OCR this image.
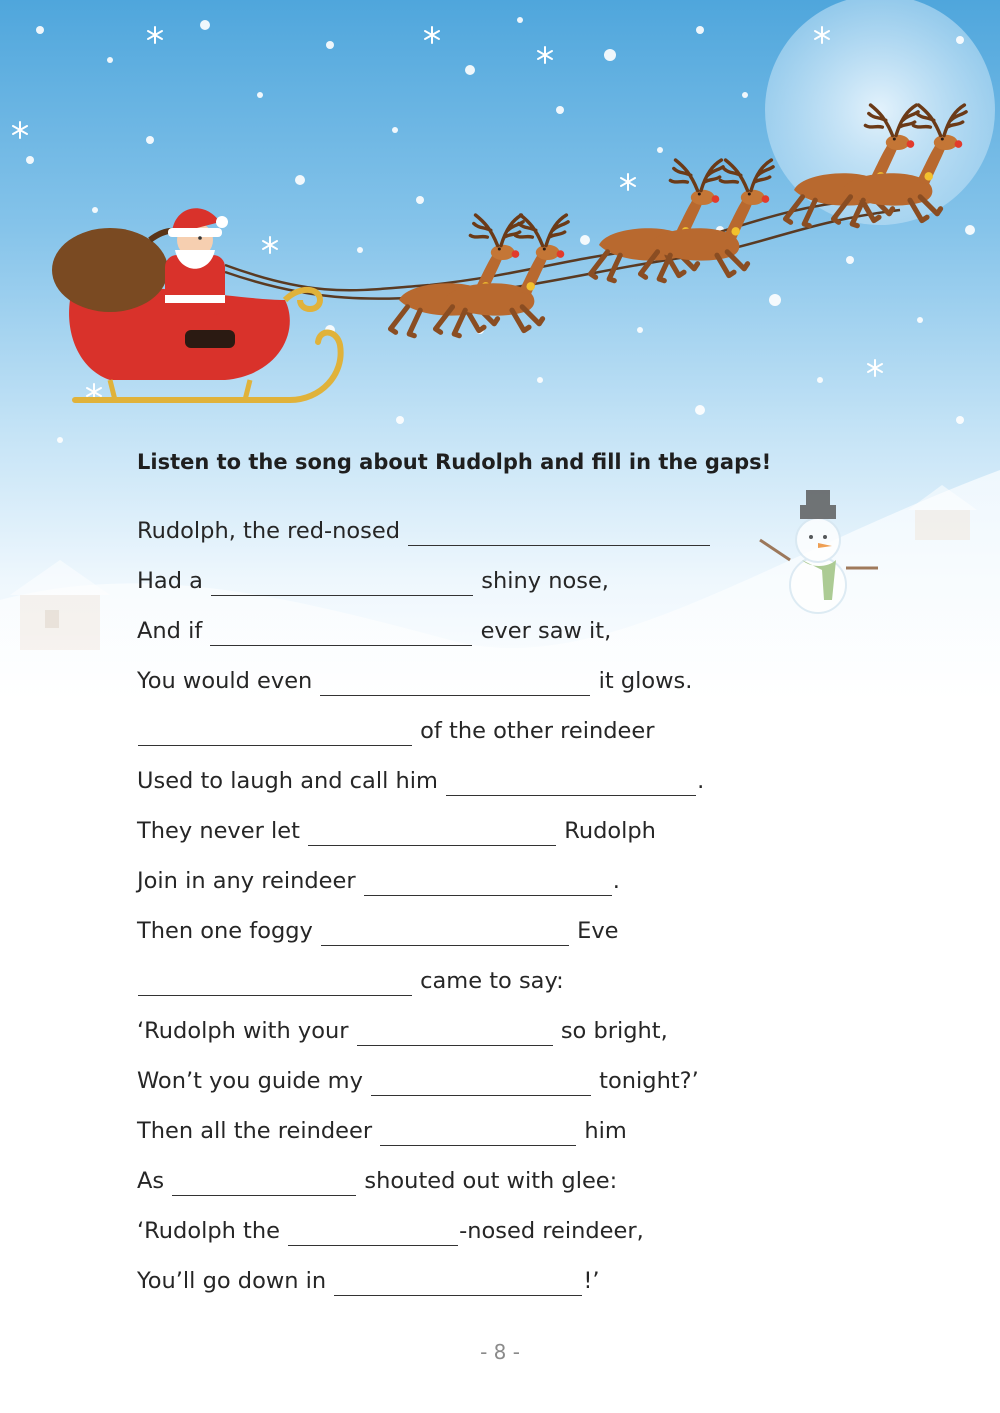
Listen to the song about Rudolph and fill in the gaps!
Rudolph, the red-nosed
Had a	shiny nose,
And if	ever saw it,
You would even	it glows.
of the other reindeer
Used to laugh and call him	.
They never let	Rudolph
Join in any reindeer	.
Then one foggy	Eve
came to say:
‘Rudolph with your	so bright,
Won’t you guide my	tonight?’
Then all the reindeer	him
As	shouted out with glee:
‘Rudolph the	-nosed reindeer,
You’ll go down in	!’
- 8 -
